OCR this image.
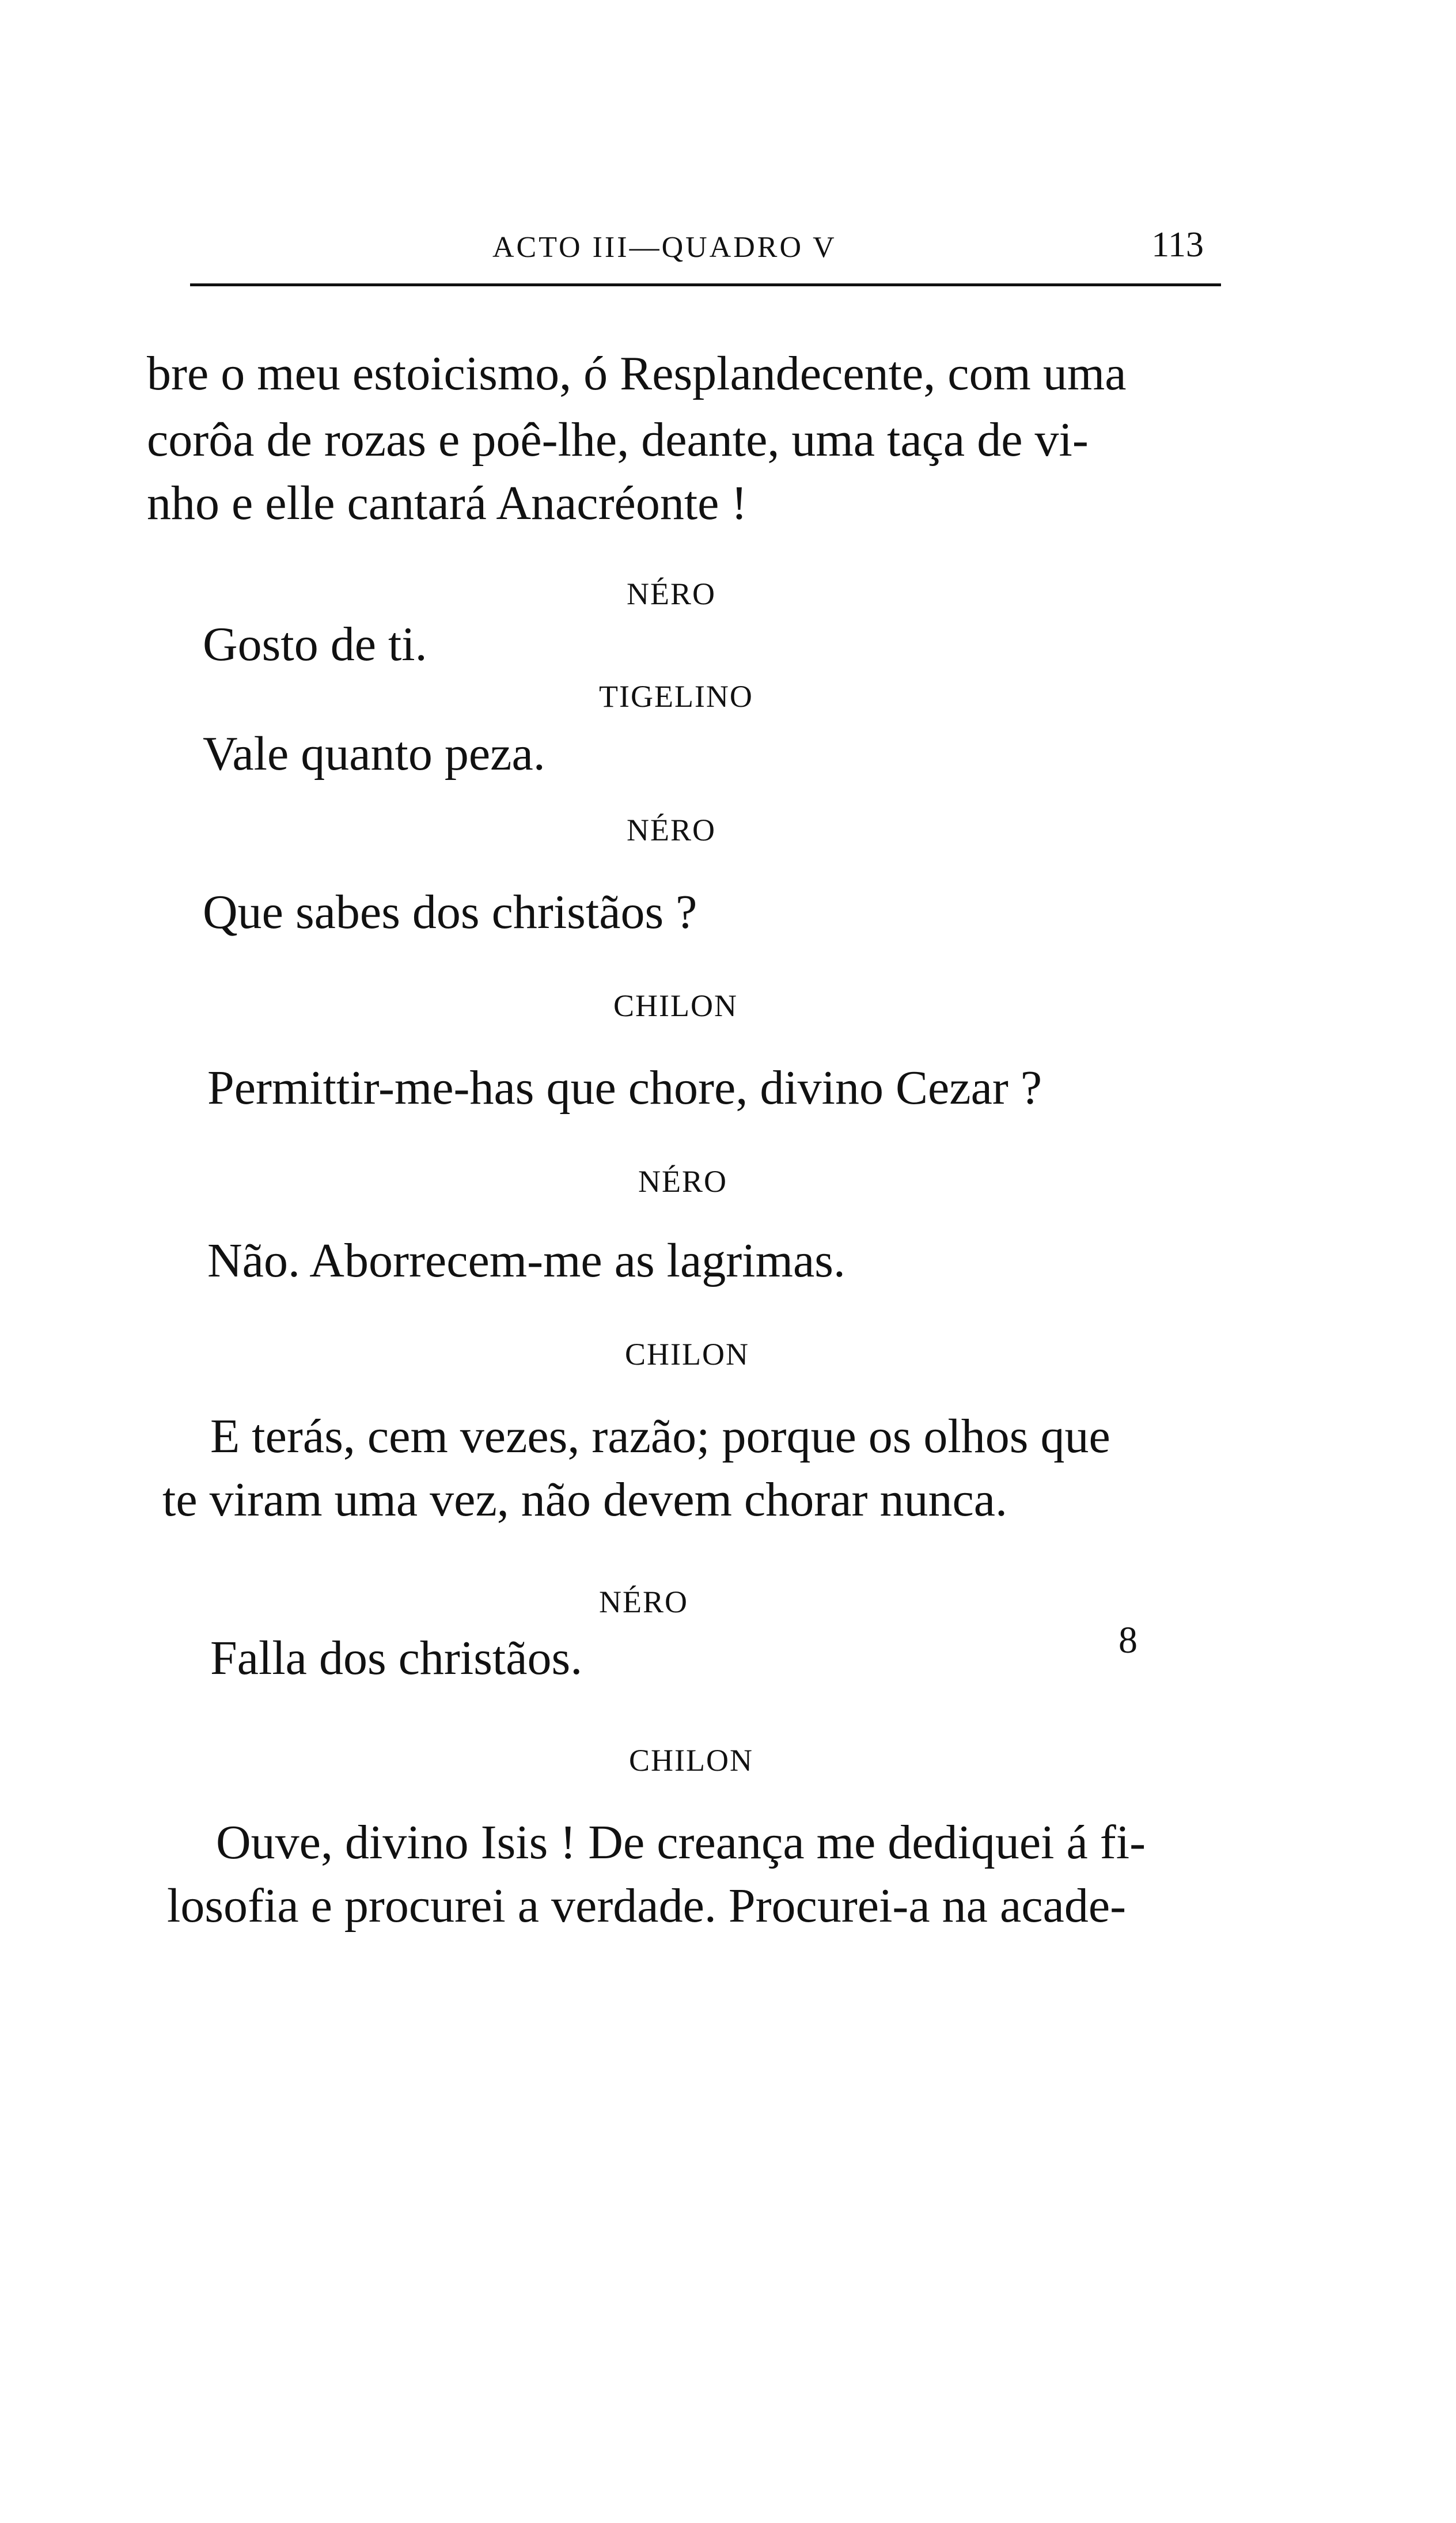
ACTO III—QUADRO V	113
bre o meu estoicismo, ó Resplandecente, com uma
corôa de rozas e poê-lhe, deante, uma taça de vi-
nho e elle cantará Anacréonte !
NÉRO
Gosto de ti.
TIGELINO
Vale quanto peza.
NÉRO
Que sabes dos christãos ?
CHILON
Permittir-me-has que chore, divino Cezar ?
NÉRO
Não. Aborrecem-me as lagrimas.
CHILON
E terás, cem vezes, razão; porque os olhos que
te viram uma vez, não devem chorar nunca.
NÉRO
Falla dos christãos.
CHILON
Ouve, divino Isis ! De creança me dediquei á fi-
losofia e procurei a verdade. Procurei-a na acade-
8
